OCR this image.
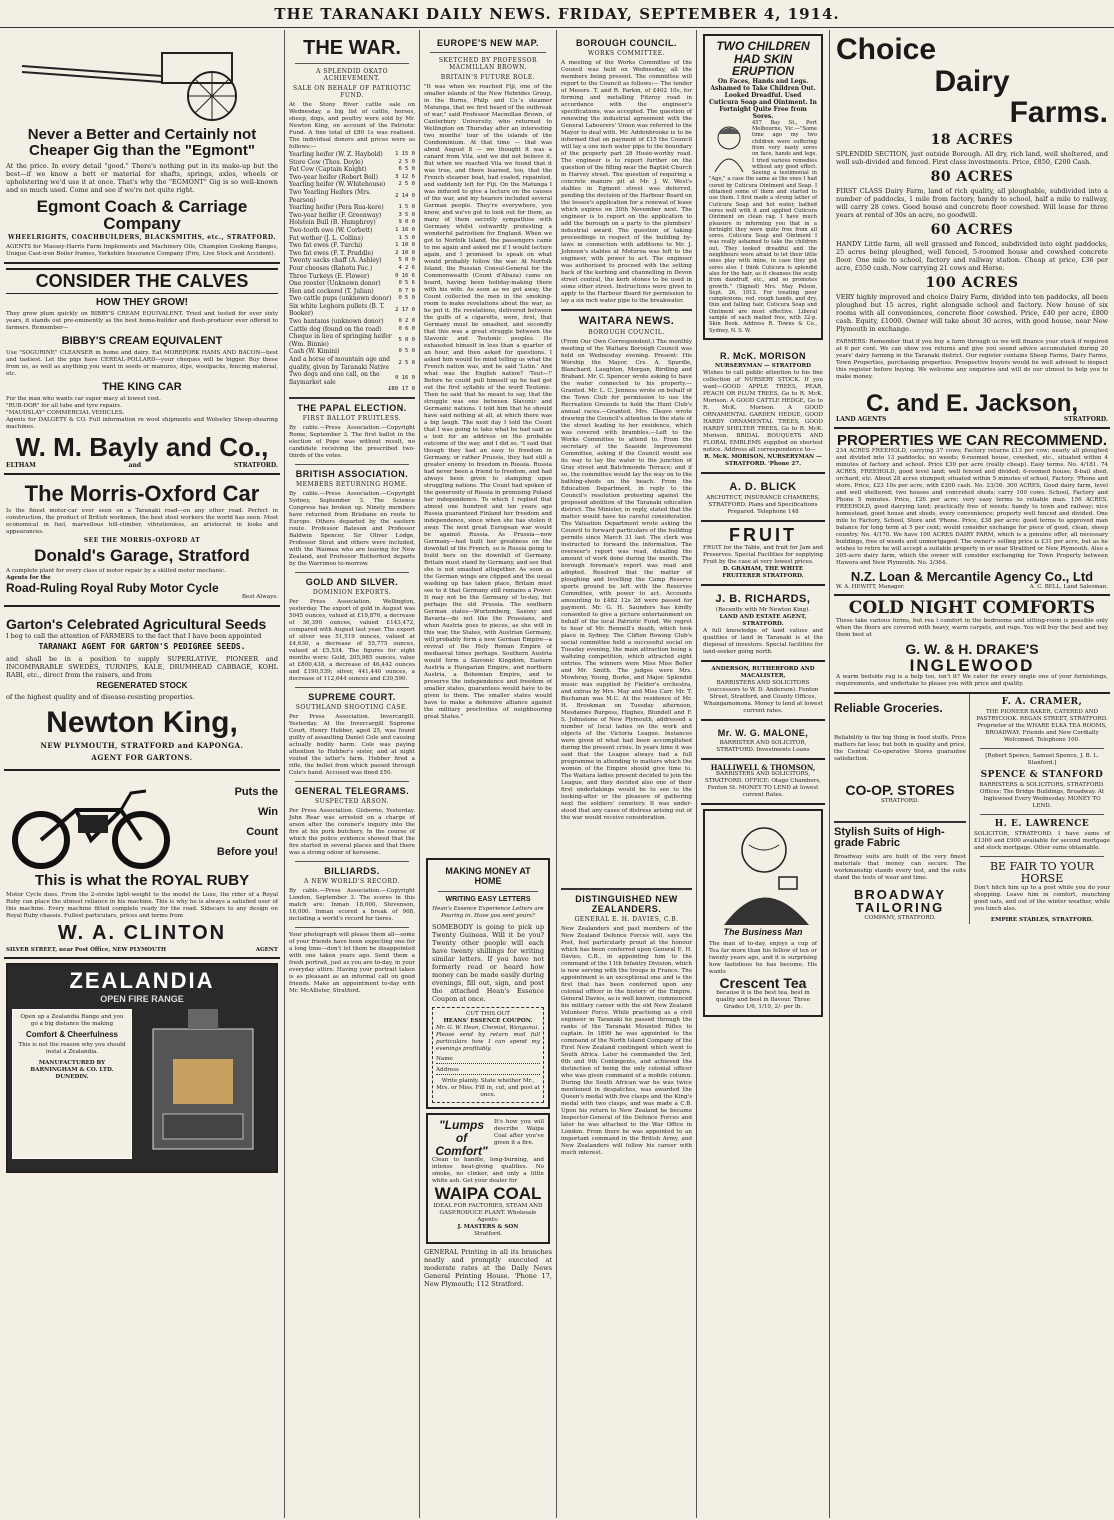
THE TARANAKI DAILY NEWS. FRIDAY, SEPTEMBER 4, 1914.
Never a Better and Certainly not Cheaper Gig than the "Egmont"
At the price. In every detail "good." There's nothing put in its make-up but the best—if we know a bett er material for shafts, springs, axles, wheels or upholstering we'd use it at once. That's why the "EGMONT" Gig is so well-known and so much used. Come and see if we're not quite right.
Egmont Coach & Carriage Company
WHEELRIGHTS, COACHBUILDERS, BLACKSMITHS, etc., STRATFORD.
AGENTS for Massey-Harris Farm Implements and Machinery Oils, Champion Cooking Ranges, Unique Cast-iron Boiler frames, Yorkshire Insurance Company (Fire, Live Stock and Accident).
CONSIDER THE CALVES
HOW THEY GROW!
They grow plum quickly on BIBBY'S CREAM EQUIVALENT. Tried and tested for over sixty years, it stands out pre-eminently as the best home-builder and flesh-producer ever offered to farmers. Remember—
BIBBY'S CREAM EQUIVALENT
Use "SOGURINE" CLEANSER in home and dairy. Eat MOREPORK HAMS AND BACON—best and tastiest. Let the pigs have CEREAL-POLLARD—your cheques will be bigger. Buy these from us, as well as anything you want in seeds or manures, dips, woolpacks, fencing material, etc.
THE KING CAR
For the man who wants car super macy at lowest cost.
"RUB-DOR" for all tube and tyre repairs.
"MAUDSLAY" COMMERCIAL VEHICLES.
Agents for DALGETY & CO. Full information re wool shipments and Wolseley Sheep-shearing machines.
W. M. Bayly and Co.,
ELTHAM	and	STRATFORD.
The Morris-Oxford Car
Is the finest motor-car ever seen on a Taranaki road—on any other road. Perfect in construction, the product of British workmen, the best steel workers the world has seen. Most economical in fuel, marvellous hill-climber, vibrationless, an aristocrat in looks and appearances.
SEE THE MORRIS-OXFORD AT
Donald's Garage, Stratford
A complete plant for every class of motor repair by a skilled motor mechanic.
Agents for the
Road-Ruling Royal Ruby Motor Cycle
Best Always.
Garton's Celebrated Agricultural Seeds
I beg to call the attention of FARMERS to the fact that I have been appointed
TARANAKI AGENT FOR GARTON'S PEDIGREE SEEDS.
and shall be in a position to supply SUPERLATIVE, PIONEER and INCOMPARABLE SWEDES, TURNIPS, KALE, DRUMHEAD CABBAGE, KOHL RABI, etc., direct from the raisers, and from
REGENERATED STOCK
of the highest quality and of disease-resisting properties.
Newton King,
NEW PLYMOUTH, STRATFORD and KAPONGA.
AGENT FOR GARTONS.
Puts the
Win
Count
Before you!
This is what the ROYAL RUBY
Motor Cycle does. From the 2-stroke light-weight to the model de Luxe, the rider of a Royal Ruby can place the utmost reliance in his machine. This is why he is always a satisfied user of this machine. Every machine fitted complete ready for the road. Sidecars to any design on Royal Ruby chassis. Fullest particulars, prices and terms from
W. A. CLINTON
SILVER STREET, near Post Office, NEW PLYMOUTH	AGENT
ZEALANDIA
OPEN FIRE RANGE
Open up a Zealandia Range and you go a big distance the making
Comfort & Cheerfulness
This is not the reason why you should instal a Zealandia.
MANUFACTURED BY BARNINGHAM & CO. LTD. DUNEDIN.
THE WAR.
A SPLENDID OKATO ACHIEVEMENT.
SALE ON BEHALF OF PATRIOTIC FUND.
At the Stony River cattle sale on Wednesday, a big list of cattle, horses, sheep, dogs, and poultry were sold by Mr. Newton King, on account of the Patriotic Fund. A fine total of £80 1s was realised. The individual donors and prices were as follows:—
Yearling heifer (W. Z. Haybold)	1 15 0
Store Cow (Thos. Doyle)	2 5 0
Fat Cow (Captain Knight)	6 5 0
Two-year heifer (Robert Bell)	3 12 6
Yearling heifer (W. Whitehouse)	2 5 0
Two Yearling Heifers (Mrs. Pearson)	2 14 0
Yearling heifer (Pera Rua-kere)	1 5 0
Two-year heifer (F. Greenway)	3 5 0
Holstein Bull (B. Humphrey)	9 0 0
Two-tooth ewe (W. Corbett)	1 16 0
Fat wether (J. L. Collins)	1 5 0
Two fat ewes (F. Turchi)	1 10 0
Two fat ewes (F. T. Pruddle)	2 10 0
Twenty sacks chaff (A. Ashley)	5 0 0
Four cheeses (Rahotu Fac.)	4 2 6
Three Turkeys (E. Flower)	0 16 6
One rooster (Unknown donor)	0 5 6
Hen and cockerel (T. Julian)	0 7 0
Two cattle pups (unknown donor)	0 5 0
Six white Leghorn pullets (B. T. Booker)	2 17 0
Two bantams (unknown donor)	0 2 0
Cattle dog (found on the road)	0 6 0
Cheque in lieu of springing heifer (Wm. Binnie)	5 0 0
Cash (W. Kimini)	0 5 0
And a horse of mountain age and quality, given by Taranaki Native	2 5 0
Two dogs and one call, on the flaymarket sale	0 16 0
£80 17 0
THE PAPAL ELECTION.
FIRST BALLOT FRUITLESS.
By cable.—Press Association.—Copyright Rome, September 3. The first ballot in the election of Pope was without result, no candidate receiving the prescribed two-thirds of the votes.
BRITISH ASSOCIATION.
MEMBERS RETURNING HOME.
By cable.—Press Association.—Copyright Sydney, September 3. The Science Congress has broken up. Ninety members have returned from Brisbane en route to Europe. Others departed by the eastern route. Professor Bateson and Professor Baldwin Spencer, Sir Oliver Lodge, Professor Stout and others were included, with the Waimea who are leaving for New Zealand, and Professor Rutherford departs by the Warrimoo to-morrow.
GOLD AND SILVER.
DOMINION EXPORTS.
Per Press Association. Wellington, yesterday. The export of gold in August was 5045 ounces, valued at £19,876, a decrease of 36,390 ounces, valued £143,472, compared with August last year. The export of silver was 51,519 ounces, valued at £4,630, a decrease of 55,775 ounces, valued at £5,534. The figures for eight months were: Gold, 205,985 ounces, value at £800,438, a decrease of 46,442 ounces and £190,539; silver, 441,440 ounces, a decrease of 112,644 ounces and £30,590.
SUPREME COURT.
SOUTHLAND SHOOTING CASE.
Per Press Association. Invercargill, Yesterday. At the Invercargill Supreme Court, Henry Hubber, aged 25, was found guilty of assaulting Daniel Cole and causing actually bodily harm. Cole was paying attention to Hubber's sister, and at night visited the latter's farm. Hubber fired a rifle, the bullet from which passed through Cole's hand. Accused was fined £50.
GENERAL TELEGRAMS.
SUSPECTED ARSON.
Per Press Association. Gisborne, Yesterday. John Rear was arrested on a charge of arson after the coroner's inquiry into the fire at his pork butchery. In the course of which the police evidence showed that the fire started in several places and that there was a strong odour of kerosene.
BILLIARDS.
A NEW WORLD'S RECORD.
By cable.—Press Association.—Copyright London, September 3. The scores in this match are: Inman 18,000, Stevenson, 16,000. Inman scored a break of 908, including a world's record for tieres.
Your photograph will please them all—some of your friends have been expecting one for a long time—don't let them be disappointed with one taken years ago. Send them a fresh portrait, just as you are to-day, in your everyday attire. Having your portrait taken is as pleasant as an informal call on good friends. Make an appointment to-day with Mr. McAllister, Stratford.
EUROPE'S NEW MAP.
SKETCHED BY PROFESSOR MACMILLAN BROWN.
BRITAIN'S FUTURE ROLE.
"It was when we reached Fiji, one of the smaller islands of the New Hebrides Group, in the Burns, Philp and Co.'s steamer Matunga, that we first heard of the outbreak of war," said Professor Macmillan Brown, of Canterbury University, who returned to Wellington on Thursday after an interesting two months' tour of the islands of the Condominium. At that time — that was about August 8 — we thought it was a canard from Vila, and we did not believe it. But when we reached Vila we found that it was true, and there learned, too, that the French steamer boat, had coaled, repainted, and suddenly left for Fiji. On the Matunga I was induced to give a lecture on the causes of the war, and my hearers included several German people. They're everywhere, you know, and we've got to look out for them, as many of them secretly sympathise with Germany whilst outwardly protesting a wonderful patriotism for England. When we got to Norfolk Island, the passengers came to me again and asked me if I would lecture again, and I promised to speak on what would probably follow the war. At Norfolk Island, the Russian Consul-General for the Commonwealth (Count d'Abaza) came on board, having been holiday-making there with his wife. As soon as we got away, the Count collected the men in the smoking-room to make revelations about the war, as he put it. He revelations, delivered between the gulfs of a cigarette, were, first, that Germany must be smashed, and secondly that this was a great struggle between the Slavonic and Teutonic peoples. He exhausted himself in less than a quarter of an hour, and then asked for questions. I asked him would he mind telling us what the French nation was, and he said 'Latin.' And what was the English nation? 'Teut—!' Before he could pull himself up he had got out the first syllable of the word Teutonic. Then he said that he meant to say, that the struggle was one between Slavonic and Germanic nations. I told him that he should have said nothing at all, at which there was a big laugh. The next day I told the Count that I was going to take what he had said as a text for an address on the probable outcome of the war, and I did so. "I said that though they had an easy to freedom in Germany, or rather Prussia, they had still a greater enemy to freedom in Russia. Russia had never been a friend to freedom, and had always been given to stamping upon struggling nations. The Count had spoken of the generosity of Russia in promising Poland her independence. To which I replied that almost one hundred and ten years ago Russia guaranteed Finland her freedom and independence, since when she has stolen it away. The next great European war would be against Russia. As Prussia—now Germany—had built her greatness on the downfall of the French, so is Russia going to build hers on the downfall of Germany. Britain must stand by Germany, and see that she is not smashed altogether. As soon as the German wings are clipped and the usual washing up has taken place, Britain must see to it that Germany still remains a Power. It may not be the Germany of to-day, but perhaps the old Prussia. The southern German states—Wurtemberg, Saxony and Bavaria—do not like the Prussians, and when Austria goes to pieces, as she will in this war, the States, with Austrian Germany, will probably form a new German Empire—a revival of the Holy Roman Empire of mediaeval times perhaps. Southern Austria would form a Slavonic Kingdom, Eastern Austria a Hungarian Empire, and northern Austria, a Bohemian Empire, and to preserve the independence and freedom of smaller states, guarantees would have to be given to them. The smaller states would have to make a defensive alliance against the military proclivities of neighbouring great States."
MAKING MONEY AT HOME
WRITING EASY LETTERS
Hean's Essence Experience Letters are Pouring in. Have you sent yours?
SOMEBODY is going to pick up Twenty Guineas. Will it be you? Twenty other people will each have twenty shillings for writing similar letters. If you have not formerly read or heard how money can be made easily during evenings, fill out, sign, and post the attached Hean's Essence Coupon at once.
CUT THIS OUT
HEANS' ESSENCE COUPON.
Mr. G. W. Hean, Chemist, Wanganui.
Please send by return mail full particulars how I can spend my evenings profitably.
Name
Address
Write plainly. State whether Mr., Mrs. or Miss. Fill in, cut, and post at once.
"Lumps of Comfort"
It's how you will describe Waipa Coal after you've given it a fire.
Clean to handle, long-burning, and intense heat-giving qualities. No smoke, no clinker, and only a little white ash. Get your dealer for
WAIPA COAL
IDEAL FOR FACTORIES, STEAM AND GASP.RODUCE PLANT. Wholesale Agents:
J. MASTERS & SON
Stratford.
GENERAL Printing in all its branches neatly and promptly executed at moderate rates at the Daily News General Printing House. 'Phone 17, New Plymouth; 112 Stratford.
BOROUGH COUNCIL.
WORKS COMMITTEE.
A meeting of the Works Committee of the Council was held on Wednesday, all the members being present. The committee will report to the Council as follows:— The tender of Messrs. T. and R. Parkin, of £402 10s, for forming and metalling Fitzroy road in accordance with the engineer's specifications, was accepted. The question of renewing the industrial agreement with the General Labourers' Union was referred to the Mayor to deal with. Mr. Addenbrooke is to be informed that on payment of £15 the Council will lay a one inch water pipe to the boundary of the property part 28 Hosie-worthy road. The engineer is to report further on the question of the filling near the Baptist Church in Harvey street. The question of requiring a concrete manure pit at Mr. J. W. West's stables in Egmont street was deferred, pending the decision of the Harbour Board on the lessee's application for a renewal of lease which expires on 30th November next. The engineer is to report on the application to add the borough on a party to the plumbers' industrial award. The question of taking proceedings in respect of the building by-laws in connection with additions to Mr. J. Johnson's stables at Moturoa was left to the engineer, with power to act. The engineer was authorised to proceed with the setting back of the kerbing and channelling in Devon street central, the kerb stones to be used in some other street. Instructions were given to apply to the Harbour Board for permission to lay a six inch water pipe to the breakwater.
WAITARA NEWS.
BOROUGH COUNCIL.
(From Our Own Correspondent.) The monthly meeting of the Waitara Borough Council was held on Wednesday evening. Present: His Worship the Mayor, Crs. A. Spurdle, Blanchard, Laughton, Morgan, Birdling and Brabant. Mr. C. Spencer wrote asking to have the water connected to his property.—Granted. Mr. L. C. Jenness wrote on behalf of the Town Club for permission to use the Recreation Grounds to hold the Hunt Club's annual races.—Granted. Mrs. Cleave wrote drawing the Council's attention to the state of the street leading to her residence, which was covered with brambles.—Left to the Works Committee to attend to. From the secretary of the Seaside Improvement Committee, asking if the Council would see its way to lay the water to the junction of Gray street and Batchmonde Terrace; and if so, the committee would lay the way on to the bathing-sheds on the beach. From the Education Department, in reply to the Council's resolution protesting against the proposed abolition of the Taranaki education district. The Minister, in reply, stated that the matter would have his careful consideration. The Valuation Department wrote asking the Council to forward particulars of the building permits since March 31 last. The clerk was instructed to forward the information. The overseer's report was read, detailing the amount of work done during the month. The borough foreman's report was read and adopted. Resolved that the matter of ploughing and levelling the Camp Reserve sports ground be left with the Reserves Committee, with power to act. Accounts amounting to £482 12s 2d were passed for payment. Mr. G. H. Saunders has kindly consented to give a picture entertainment on behalf of the local Patriotic Fund. We regret to hear of Mr. Rennell's death, which took place in Sydney. The Clifton Rowing Club's social committee held a successful social on Tuesday evening, the main attraction being a waltzing competition, which attracted eight entries. The winners were Miss Miss Beller and Mr. Smith. The judges were Mrs. Mowbray, Young, Burke, and Major. Splendid music was supplied by Fielder's orchestra, and extras by Mrs. May and Miss Carr. Mr. T. Buchanan was M.C. At the residence of Mr. H. Brookman on Tuesday afternoon, Mesdames Burgess, Hughes, Blundell and F. S. Johnstone of New Plymouth, addressed a number of local ladies on the work and objects of the Victoria League. Instances were given of what had been accomplished during the present crisis. In years time it was said that the League always had a full programme in attending to matters which the women of the Empire should give time to. The Waitara ladies present decided to join the League, and they decided also one of their first undertakings would be to see to the looking-after or the pleasure of gathering next the soldiers' cemetery. It was under-stood that any cases of distress arising out of the war would receive consideration.
DISTINGUISHED NEW ZEALANDERS.
GENERAL E. H. DAVIES, C.B.
New Zealanders and past members of the New Zealand Defence Forces will, says the Post, feel particularly proud at the honour which has been conferred upon General E. H. Davies, C.B., in appointing him to the command of the 11th Infantry Division, which is now serving with the troops in France. The appointment is an exceptional one and is the first that has been conferred upon any colonial officer in the history of the Empire. General Davies, as is well known, commenced his military career with the old New Zealand Volunteer Force. While practising as a civil engineer in Taranaki he passed through the ranks of the Taranaki Mounted Rifles to captain. In 1899 he was appointed to the command of the North Island Company of the First New Zealand contingent which went to South Africa. Later he commanded the 3rd, 6th and 9th Contingents, and achieved the distinction of being the only colonial officer who was given command of a mobile column. During the South African war he was twice mentioned in despatches, was awarded the Queen's medal with five clasps and the King's medal with two clasps, and was made a C.B. Upon his return to New Zealand he became Inspector-General of the Defence Forces and later he was attached to the War Office in London. From there he was appointed to an important command in the British Army, and New Zealanders will follow his career with much interest.
TWO CHILDREN HAD SKIN ERUPTION
On Faces, Hands and Legs. Ashamed to Take Children Out. Looked Dreadful. Used Cuticura Soap and Ointment. In Fortnight Quite Free from Sores.
457 Bay St., Port Melbourne, Vic.—"Some time ago my two children were suffering from very nasty sores on face, hands and legs. I tried various remedies without any good effect. Seeing a testimonial in "Age," a case the same as the ones I had cured by Cuticura Ointment and Soap. I obtained some of them and started to use them. I first made a strong lather of Cuticura Soap and hot water, bathed sores well with it and applied Cuticura Ointment on clean rag. I have much pleasure in informing you that in a fortnight they were quite free from all sores. Cuticura Soap and Ointment I was really ashamed to take the children out. They looked dreadful and the neighbours were afraid to let their little ones play with mine, in case they got sores also. I think Cuticura is splendid also for the hair, as it cleanses the scalp from dandruff, etc., and so promotes growth." (Signed) Mrs. May Pelson, Sept. 26, 1912. For treating poor complexions, red, rough hands, and dry, thin and falling hair, Cuticura Soap and Ointment are most effective. Liberal sample of each mailed free, with 32-p. Skin Book. Address R. Towns & Co., Sydney, N. S. W.
R. McK. MORISON
NURSERYMAN — STRATFORD
Wishes to call public attention to his fine collection of NURSERY STOCK. If you want—GOOD APPLE TREES, PEAR, PEACH OR PLUM TREES, Go to R. McK. Morison. A GOOD CATTLE HEDGE, Go to R. McK. Morison. A GOOD ORNAMENTAL GARDEN HEDGE, GOOD HARDY ORNAMENTAL TREES, GOOD HARDY SHELTER TREES, Go to R. McK. Morison. BRIDAL BOUQUETS AND FLORAL EMBLEMS supplied on shortest notice. Address all correspondence to—
R. McK. MORISON, NURSERYMAN — STRATFORD. 'Phone 27.
A. D. BLICK
ARCHITECT, INSURANCE CHAMBERS, STRATFORD. Plans and Specifications Prepared. Telephone 148
FRUIT
FRUIT for the Table, and fruit for Jam and Preserves. Special Facilities for supplying Fruit by the case at very lowest prices.
D. GRAHAM, THE WHITE FRUITERER STRATFORD.
J. B. RICHARDS,
(Recently with Mr Newton King).
LAND AND ESTATE AGENT, STRATFORD.
A full knowledge of land values and qualities of land in Taranaki is at the disposal of investors. Special facilities for land-seeker going north.
ANDERSON, RUTHERFORD AND MACALISTER,
BARRISTERS AND SOLICITORS (successors to W. D. Anderson). Fenton Street, Stratford, and County Offices, Whangamomona. Money to lend at lowest current rates.
Mr. W. G. MALONE,
BARRISTER AND SOLICITOR, STRATFORD. Investments Loans
HALLIWELL & THOMSON,
BARRISTERS AND SOLICITORS, STRATFORD. OFFICE: Otago Chambers, Fenton St. MONEY TO LEND at lowest current Rates.
The Business Man
The man of to-day, enjoys a cup of Tea far more than his fellow of ten or twenty years ago, and it is surprising how fastidious he has become. His wants
Crescent Tea
because it is the best tea, best in quality and best in flavour. Three Grades 1/6, 1/10, 2/- per lb.
Choice
Dairy
Farms.
18 ACRES
SPLENDID SECTION, just outside Borough. All dry, rich land, well sheltered, and well sub-divided and fenced. First class investments. Price, £850, £200 Cash.
80 ACRES
FIRST CLASS Dairy Farm, land of rich quality, all ploughable, subdivided into a number of paddocks, 1 mile from factory, handy to school, half a mile to railway, will carry 28 cows. Good house and concrete floor cowshed. Will lease for three years at rental of 30s an acre, no goodwill.
60 ACRES
HANDY Little farm, all well grassed and fenced, subdivided into eight paddocks, 25 acres being ploughed, well fenced, 5-roomed house and cowshed concrete floor. One mile to school, factory and railway station. Cheap at price, £36 per acre, £550 cash. Now carrying 21 cows and Horse.
100 ACRES
VERY highly improved and choice Dairy Farm, divided into ten paddocks, all been ploughed but 15 acres, right alongside school and factory. New house of six rooms with all conveniences, concrete floor cowshed. Price, £40 per acre, £800 cash. Equity, £1000. Owner will take about 30 acres, with good house, near New Plymouth in exchange.
FARMERS: Remember that if you buy a farm through us we will finance your stock if required at 6 per cent. We can show you returns and give you sound advice accumulated during 20 years' dairy farming in the Taranaki district. Our register contains Sheep Farms, Dairy Farms, Town Properties, purchasing properties. Prospective buyers would be well advised to inspect this register before buying. We welcome any enquiries and will do our utmost to help you to make money.
C. and E. Jackson,
LAND AGENTS	STRATFORD.
PROPERTIES WE CAN RECOMMEND.
234 ACRES FREEHOLD, carrying 37 cows; Factory returns £13 per cow; nearly all ploughed and divided into 13 paddocks; no weeds; 6-roomed house, cowshed, etc., situated within 4 minutes of factory and school. Price £30 per acre (really cheap). Easy terms. No. 4/181. 74 ACRES, FREEHOLD, good level land; well fenced and divided; 6-roomed house; 8-bail shed, orchard, etc. About 28 acres stumped; situated within 5 minutes of school, Factory. 'Phone and store. Price, £23 10s per acre, with £200 cash. No. 23/36. 300 ACRES, Good dairy farm, level and well sheltered; two houses and concreted sheds; carry 100 cows. School, Factory and Phone 5 minutes. Price, £26 per acre; very easy terms to reliable man. 156 ACRES, FREEHOLD, good dairying land; practically free of weeds; handy to town and railway; nice homestead, good house and sheds, every convenience; property well fenced and divided. One mile to Factory, School, Store and 'Phone. Price, £38 per acre; good terms to approved man balance for long term at 5 per cent; would consider exchange for piece of good, clean, sheep country. No. 4/170. We have 100 ACRES DAIRY FARM, which is a genuine offer, all necessary buildings, free of weeds and unmortgaged. The owner's selling price is £31 per acre, but as he wishes to retire he will accept a suitable property in or near Stratford or New Plymouth. Also a 205-acre dairy farm, which the owner will consider exchanging for Town Property between Hawera and New Plymouth. No. 3/364.
N.Z. Loan & Mercantile Agency Co., Ltd
W. A. HEWITT, Manager.	A. C. BELL, Land Salesman.
COLD NIGHT COMFORTS
These take various forms, but rea l comfort in the bedrooms and sitting-room is possible only when the floors are covered with heavy, warm carpets, and rugs. You will buy the best and buy them best at
G. W. & H. DRAKE'S
INGLEWOOD
A warm bedside rug is a help too, isn't it? We cater for every single one of your furnishings, requirements, and undertake to please you with price and quality.
Reliable Groceries.
Reliability is the big thing in food stuffs. Price matters far less; but both in quality and price, the Central Co-operative Stores guarantee satisfaction.
CO-OP. STORES
STRATFORD.
Stylish Suits of High-grade Fabric
Broadway suits are built of the very finest materials that money can secure. The workmanship stands every test, and the suits stand the tests of wear and time.
BROADWAY TAILORING
COMPANY, STRATFORD.
F. A. CRAMER,
THE PIONEER BAKER, CATERED AND PASTRYCOOK. REGAN STREET, STRATFORD. Proprietor of the WHARE ELKA TEA ROOMS, BROADWAY. Friends and New Cordially Welcomed. Telephone 100.
[Robert Spence, Samuel Spence, J. B. L. Stanford.]
SPENCE & STANFORD
BARRISTERS & SOLICITORS, STRATFORD. Offices: The Bridge Buildings, Broadway. At Inglewood Every Wednesday. MONEY TO LEND.
H. E. LAWRENCE
SOLICITOR, STRATFORD. I have sums of £1300 and £900 available for second mortgage and stock mortgage. Other sums obtainable.
BE FAIR TO YOUR HORSE
Don't hitch him up to a post while you do your shopping. Leave him in comfort, munching good oats, and out of the winter weather, while you lunch also.
EMPIRE STABLES, STRATFORD.
